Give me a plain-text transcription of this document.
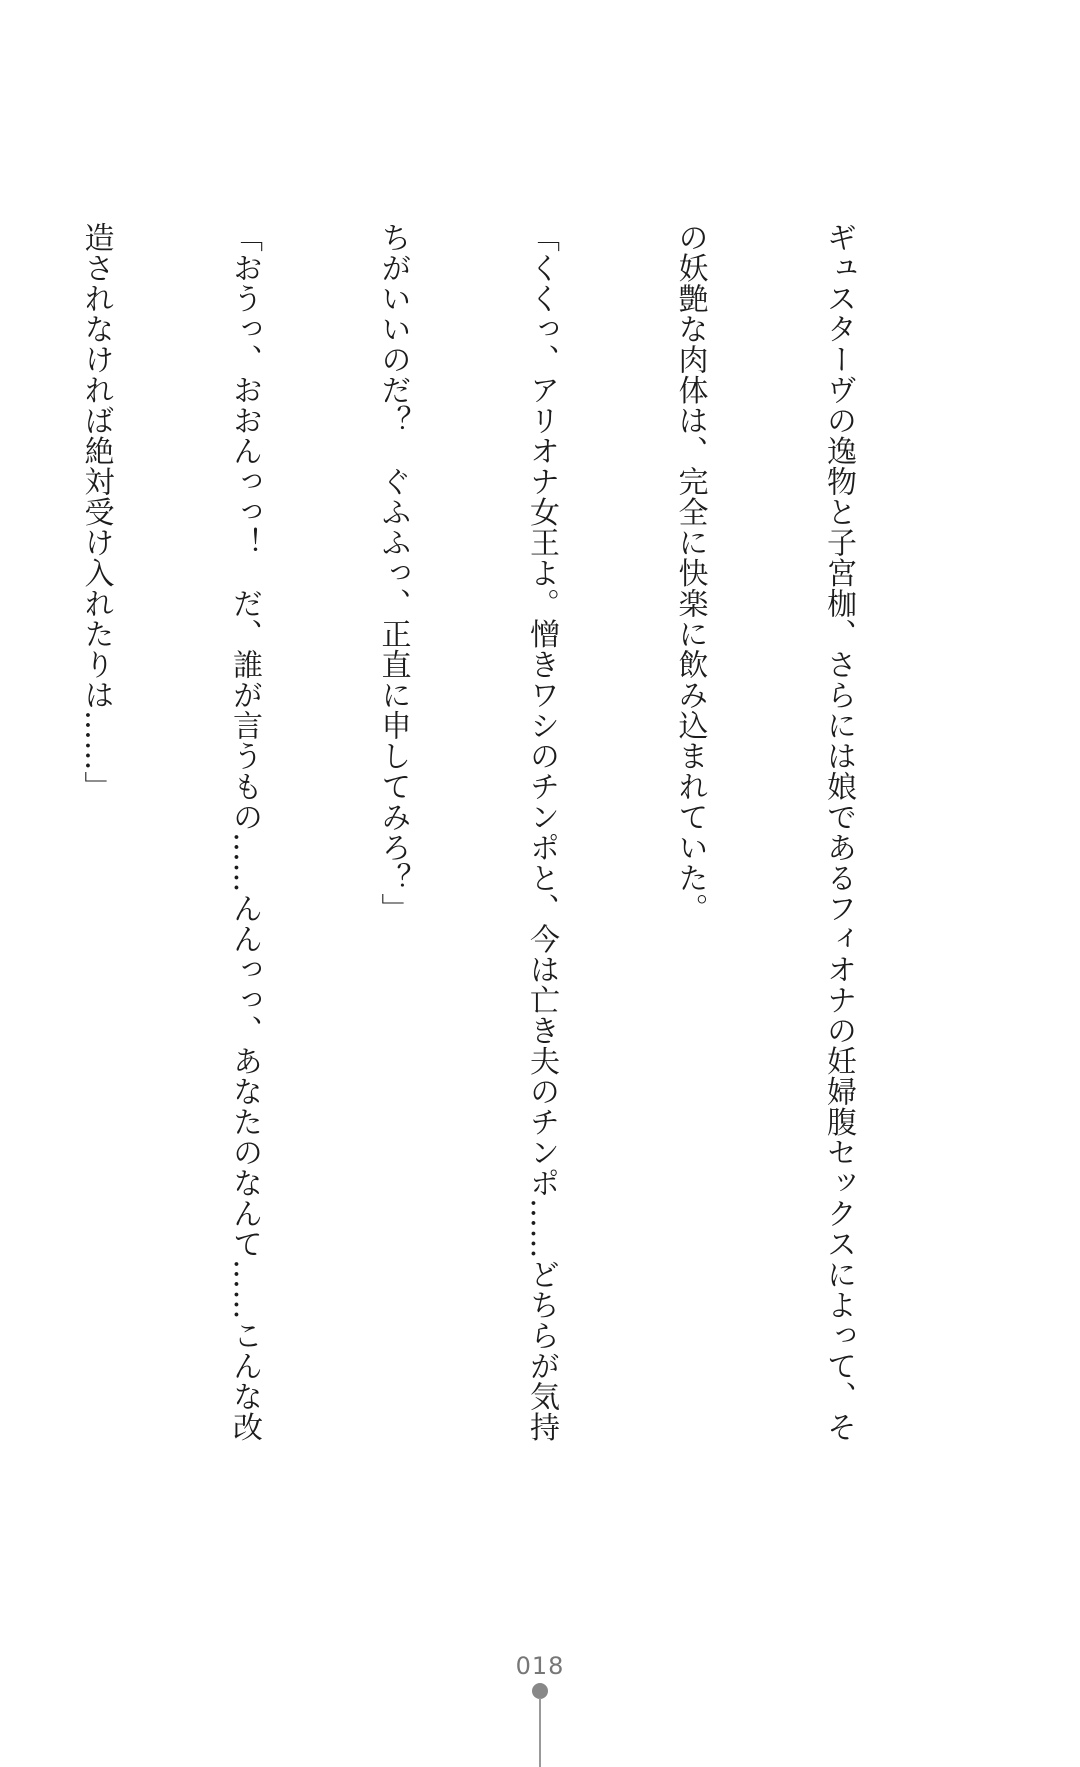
ギュスターヴの逸物と子宮枷、さらには娘であるフィオナの妊婦腹セックスによって、そ

の妖艶な肉体は、完全に快楽に飲み込まれていた。

「くくっ、アリオナ女王よ。憎きワシのチンポと、今は亡き夫のチンポ……どちらが気持

ちがいいのだ？　ぐふふっ、正直に申してみろ？」

「おうっ、おおんっっ！　だ、誰が言うもの……んんっっ、あなたのなんて……こんな改

造されなければ絶対受け入れたりは……」

018
